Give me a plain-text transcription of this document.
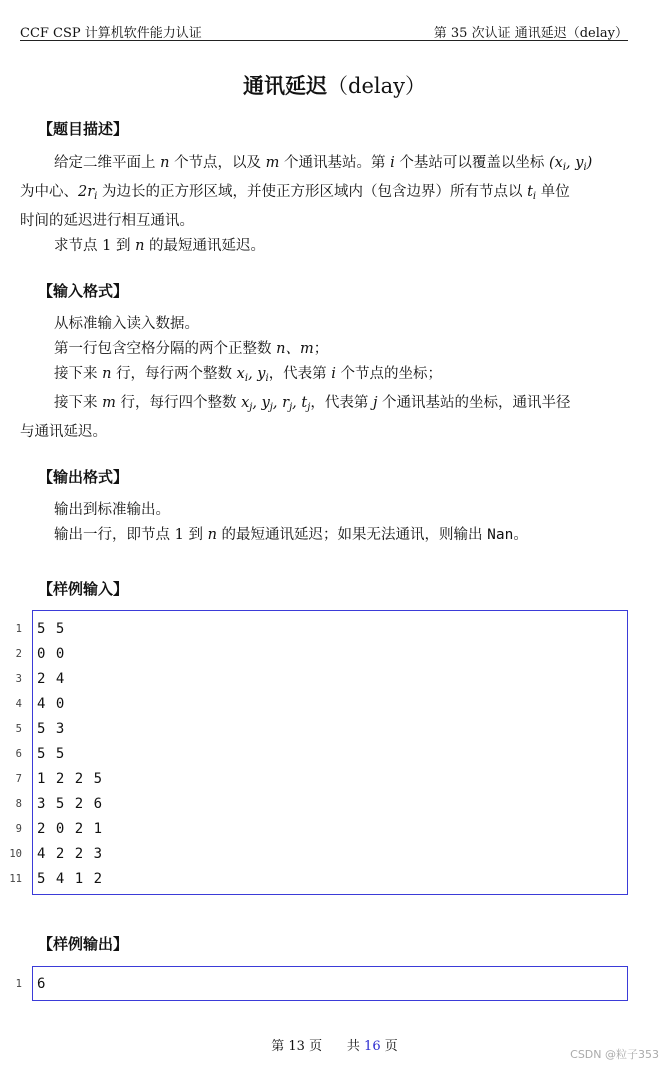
CCF CSP 计算机软件能力认证	第 35 次认证 通讯延迟（delay）
通讯延迟（delay）
【题目描述】
给定二维平面上 n 个节点，以及 m 个通讯基站。第 i 个基站可以覆盖以坐标 ($x_i$, $y_i$)
为中心、$2r_i$ 为边长的正方形区域，并使正方形区域内（包含边界）所有节点以 $t_i$ 单位
时间的延迟进行相互通讯。
求节点 1 到 n 的最短通讯延迟。
【输入格式】
从标准输入读入数据。
第一行包含空格分隔的两个正整数 n、m；
接下来 n 行，每行两个整数 $x_i$, $y_i$，代表第 i 个节点的坐标；
接下来 m 行，每行四个整数 $x_j$, $y_j$, $r_j$, $t_j$，代表第 j 个通讯基站的坐标，通讯半径
与通讯延迟。
【输出格式】
输出到标准输出。
输出一行，即节点 1 到 n 的最短通讯延迟；如果无法通讯，则输出 Nan。
【样例输入】
5 5
0 0
2 4
4 0
5 3
5 5
1 2 2 5
3 5 2 6
2 0 2 1
4 2 2 3
5 4 1 2
1
2
3
4
5
6
7
8
9
10
11
【样例输出】
6
1
第 13 页 共 16 页
CSDN @粒子353
